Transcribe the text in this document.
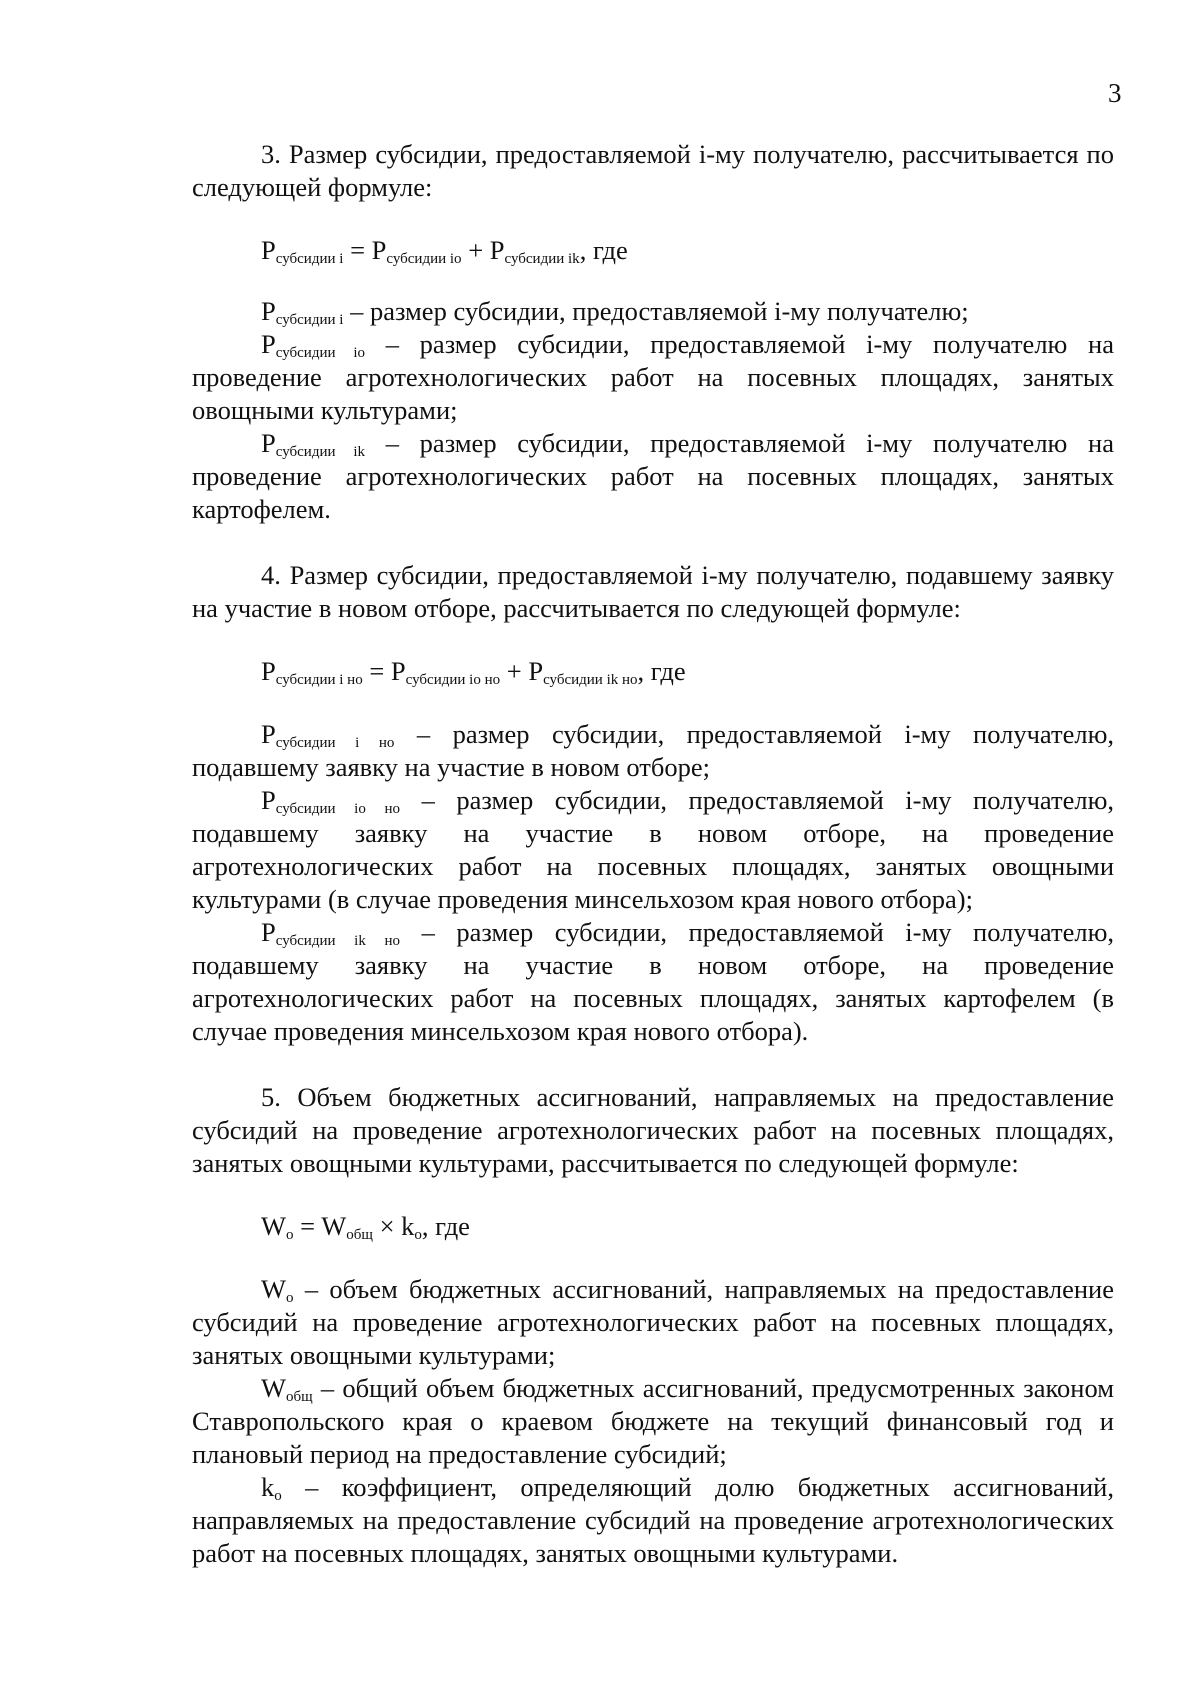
3

3. Размер субсидии, предоставляемой i-му получателю, рассчитывается по следующей формуле:

$P_{субсидии i} = P_{субсидии io} + P_{субсидии ik}$, где

$P_{субсидии i}$ – размер субсидии, предоставляемой i-му получателю;

$P_{субсидии io}$ – размер субсидии, предоставляемой i-му получателю на проведение агротехнологических работ на посевных площадях, занятых овощными культурами;

$P_{субсидии ik}$ – размер субсидии, предоставляемой i-му получателю на проведение агротехнологических работ на посевных площадях, занятых картофелем.

4. Размер субсидии, предоставляемой i-му получателю, подавшему заявку на участие в новом отборе, рассчитывается по следующей формуле:

$P_{субсидии i но} = P_{субсидии io но} + P_{субсидии ik но}$, где

$P_{субсидии i но}$ – размер субсидии, предоставляемой i-му получателю, подавшему заявку на участие в новом отборе;

$P_{субсидии io но}$ – размер субсидии, предоставляемой i-му получателю, подавшему заявку на участие в новом отборе, на проведение агротехнологических работ на посевных площадях, занятых овощными культурами (в случае проведения минсельхозом края нового отбора);

$P_{субсидии ik но}$ – размер субсидии, предоставляемой i-му получателю, подавшему заявку на участие в новом отборе, на проведение агротехнологических работ на посевных площадях, занятых картофелем (в случае проведения минсельхозом края нового отбора).

5. Объем бюджетных ассигнований, направляемых на предоставление субсидий на проведение агротехнологических работ на посевных площадях, занятых овощными культурами, рассчитывается по следующей формуле:

$W_o = W_{общ} \times k_o$, где

$W_o$ – объем бюджетных ассигнований, направляемых на предоставление субсидий на проведение агротехнологических работ на посевных площадях, занятых овощными культурами;

$W_{общ}$ – общий объем бюджетных ассигнований, предусмотренных законом Ставропольского края о краевом бюджете на текущий финансовый год и плановый период на предоставление субсидий;

$k_o$ – коэффициент, определяющий долю бюджетных ассигнований, направляемых на предоставление субсидий на проведение агротехнологических работ на посевных площадях, занятых овощными культурами.
